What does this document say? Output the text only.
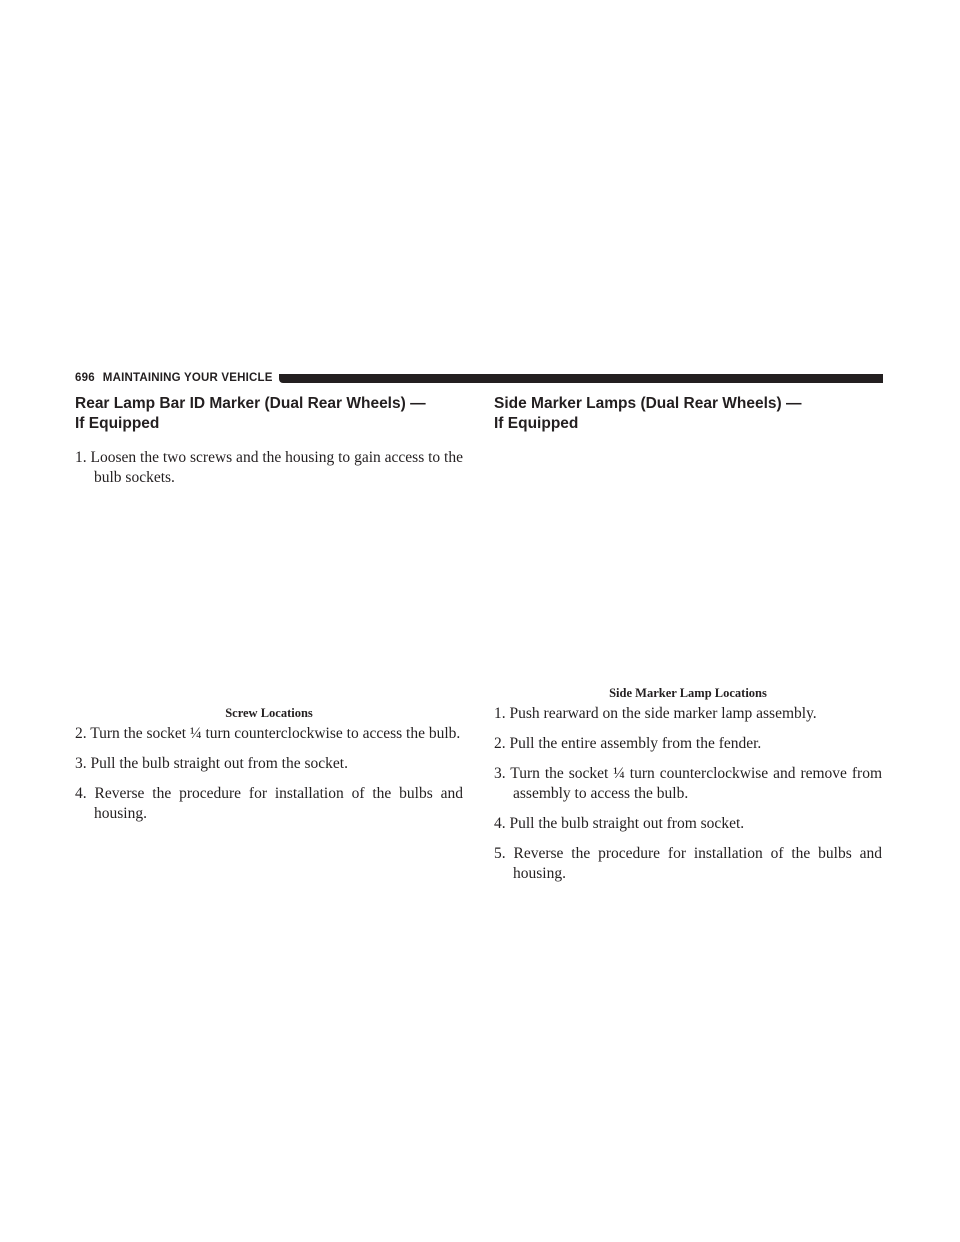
696 MAINTAINING YOUR VEHICLE
Rear Lamp Bar ID Marker (Dual Rear Wheels) —
If Equipped

1. Loosen the two screws and the housing to gain access to the bulb sockets.

Screw Locations

2. Turn the socket ¼ turn counterclockwise to access the bulb.

3. Pull the bulb straight out from the socket.

4. Reverse the procedure for installation of the bulbs and housing.

Side Marker Lamps (Dual Rear Wheels) —
If Equipped

Side Marker Lamp Locations

1. Push rearward on the side marker lamp assembly.

2. Pull the entire assembly from the fender.

3. Turn the socket ¼ turn counterclockwise and remove from assembly to access the bulb.

4. Pull the bulb straight out from socket.

5. Reverse the procedure for installation of the bulbs and housing.
